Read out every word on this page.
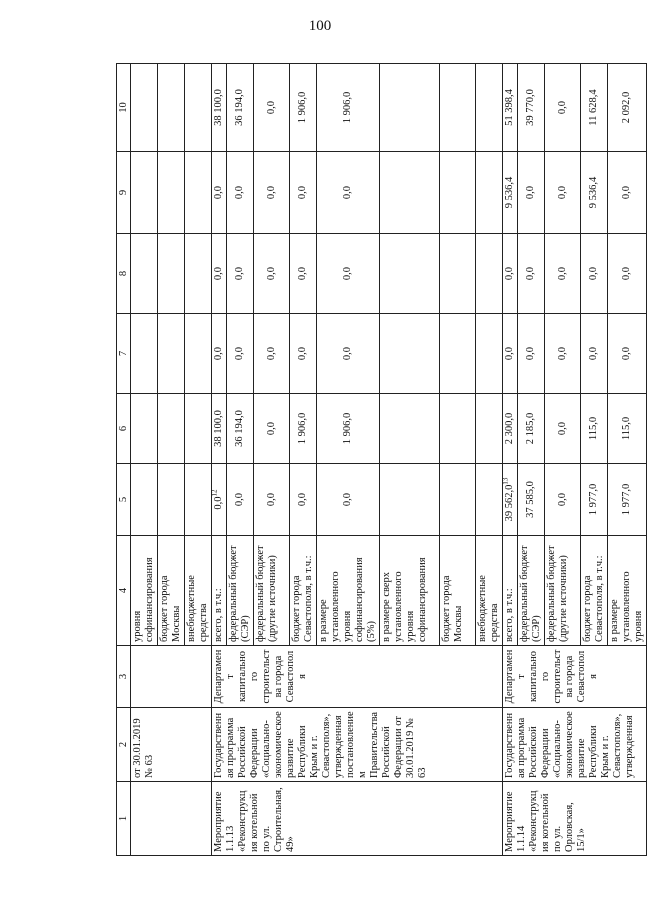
100
1	2	3	4	5	6	7	8	9	10
	от 30.01.2019 № 63		уровня софинансирования						
			бюджет города Москвы						
			внебюджетные средства						
Мероприятие 1.1.13 «Реконструкция котельной по ул. Строительная, 49»	Государственная программа Российской Федерации «Социально-экономическое развитие Республики Крым и г. Севастополя», утвержденная постановлением Правительства Российской Федерации от 30.01.2019 № 63	Департамент капитального строительства города Севастополя	всего, в т.ч.:	$0,0^{12}$	38 100,0	0,0	0,0	0,0	38 100,0
			федеральный бюджет (СЭР)	0,0	36 194,0	0,0	0,0	0,0	36 194,0
			федеральный бюджет (другие источники)	0,0	0,0	0,0	0,0	0,0	0,0
			бюджет города Севастополя, в т.ч.:	0,0	1 906,0	0,0	0,0	0,0	1 906,0
			в размере установленного уровня софинансирования (5%)	0,0	1 906,0	0,0	0,0	0,0	1 906,0
			в размере сверх установленного уровня софинансирования						
			бюджет города Москвы						
			внебюджетные средства						
Мероприятие 1.1.14 «Реконструкция котельной по ул. Орловская, 15/1»	Государственная программа Российской Федерации «Социально-экономическое развитие Республики Крым и г. Севастополя», утвержденная	Департамент капитального строительства города Севастополя	всего, в т.ч.:	39 562,0$^{13}$	2 300,0	0,0	0,0	9 536,4	51 398,4
			федеральный бюджет (СЭР)	37 585,0	2 185,0	0,0	0,0	0,0	39 770,0
			федеральный бюджет (другие источники)	0,0	0,0	0,0	0,0	0,0	0,0
			бюджет города Севастополя, в т.ч.:	1 977,0	115,0	0,0	0,0	9 536,4	11 628,4
			в размере установленного уровня	1 977,0	115,0	0,0	0,0	0,0	2 092,0
